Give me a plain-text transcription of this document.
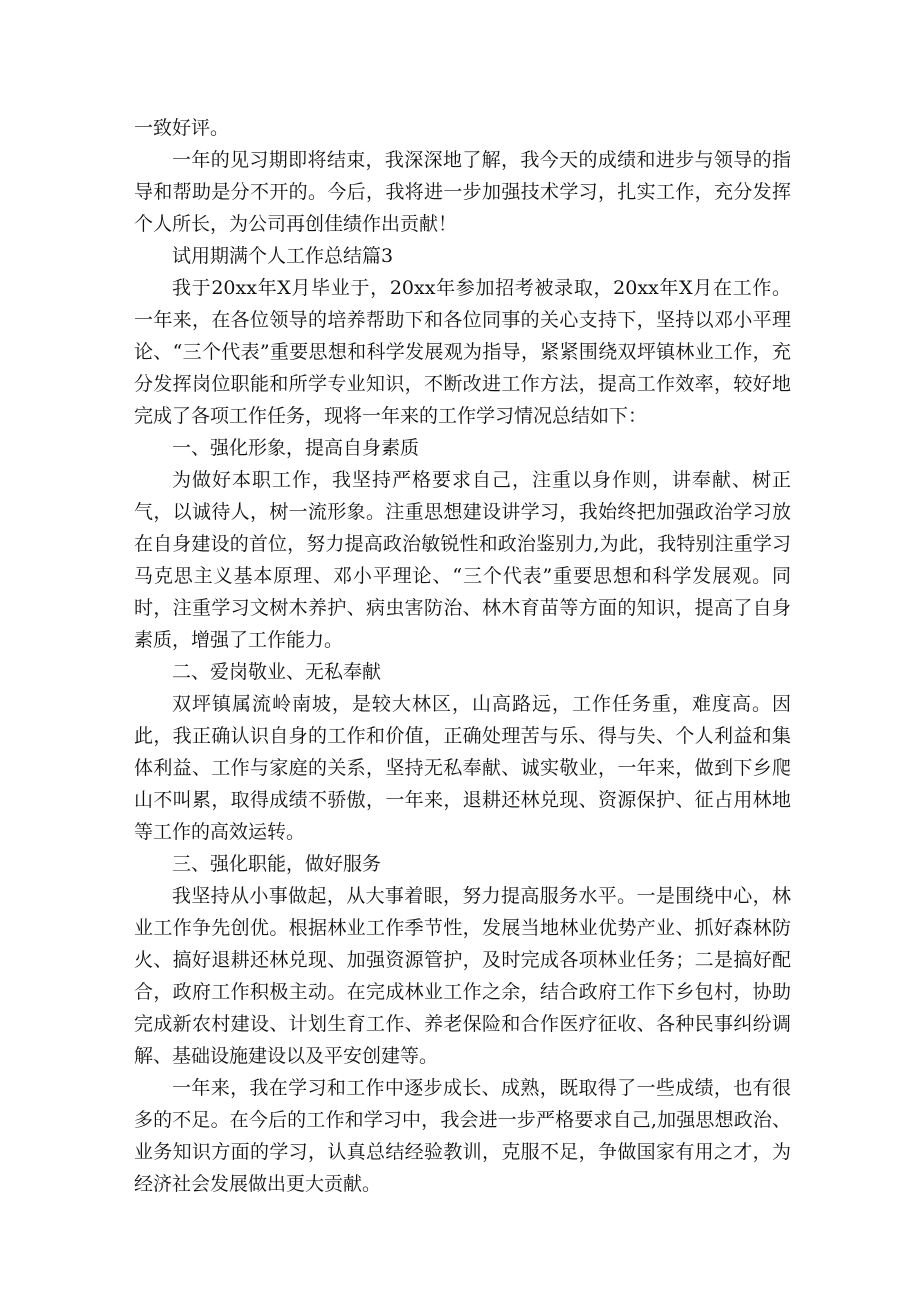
一致好评。

一年的见习期即将结束，我深深地了解，我今天的成绩和进步与领导的指导和帮助是分不开的。今后，我将进一步加强技术学习，扎实工作，充分发挥个人所长，为公司再创佳绩作出贡献！

试用期满个人工作总结篇3

我于20xx年X月毕业于，20xx年参加招考被录取，20xx年X月在工作。一年来，在各位领导的培养帮助下和各位同事的关心支持下，坚持以邓小平理论、“三个代表”重要思想和科学发展观为指导，紧紧围绕双坪镇林业工作，充分发挥岗位职能和所学专业知识，不断改进工作方法，提高工作效率，较好地完成了各项工作任务，现将一年来的工作学习情况总结如下：

一、强化形象，提高自身素质

为做好本职工作，我坚持严格要求自己，注重以身作则，讲奉献、树正气，以诚待人，树一流形象。注重思想建设讲学习，我始终把加强政治学习放在自身建设的首位，努力提高政治敏锐性和政治鉴别力,为此，我特别注重学习马克思主义基本原理、邓小平理论、“三个代表”重要思想和科学发展观。同时，注重学习文树木养护、病虫害防治、林木育苗等方面的知识，提高了自身素质，增强了工作能力。

二、爱岗敬业、无私奉献

双坪镇属流岭南坡，是较大林区，山高路远，工作任务重，难度高。因此，我正确认识自身的工作和价值，正确处理苦与乐、得与失、个人利益和集体利益、工作与家庭的关系，坚持无私奉献、诚实敬业，一年来，做到下乡爬山不叫累，取得成绩不骄傲，一年来，退耕还林兑现、资源保护、征占用林地等工作的高效运转。

三、强化职能，做好服务

我坚持从小事做起，从大事着眼，努力提高服务水平。一是围绕中心，林业工作争先创优。根据林业工作季节性，发展当地林业优势产业、抓好森林防火、搞好退耕还林兑现、加强资源管护，及时完成各项林业任务；二是搞好配合，政府工作积极主动。在完成林业工作之余，结合政府工作下乡包村，协助完成新农村建设、计划生育工作、养老保险和合作医疗征收、各种民事纠纷调解、基础设施建设以及平安创建等。

一年来，我在学习和工作中逐步成长、成熟，既取得了一些成绩，也有很多的不足。在今后的工作和学习中，我会进一步严格要求自己,加强思想政治、业务知识方面的学习，认真总结经验教训，克服不足，争做国家有用之才，为经济社会发展做出更大贡献。
